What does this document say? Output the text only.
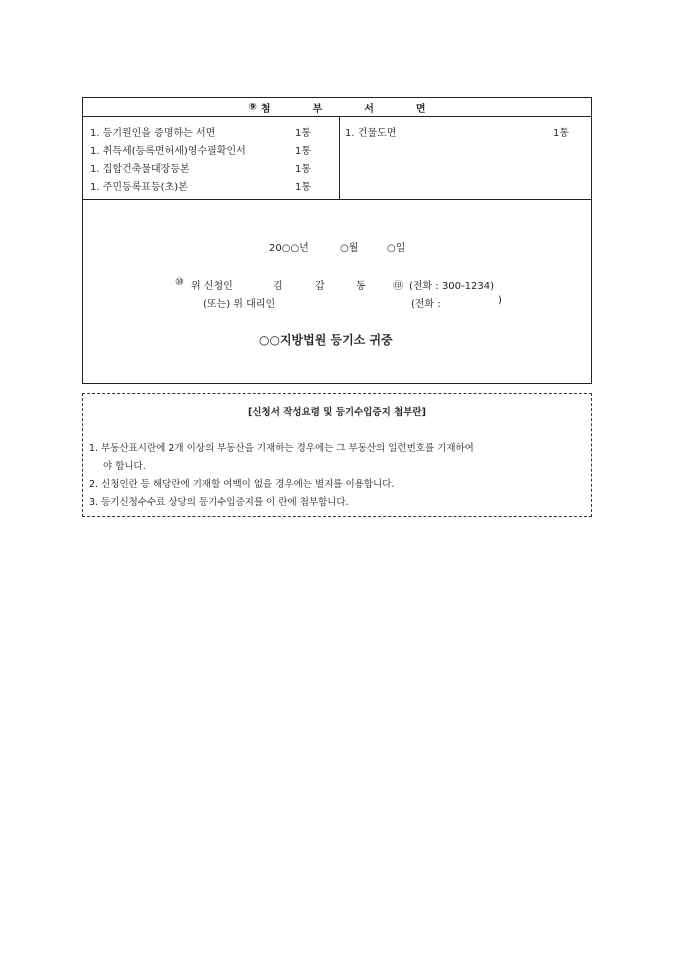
⑨ 첨	부	서	면
1. 등기원인을 증명하는 서면	1통
1. 취득세(등록면허세)영수필확인서	1통
1. 집합건축물대장등본	1통
1. 주민등록표등(초)본	1통
1. 건물도면	1통
20○○년	○월	○일
⑩ 위 신청인	김	갑	동	㊞ (전화 : 300-1234)
(또는) 위 대리인	(전화 :	)
○○지방법원 등기소 귀중
[신청서 작성요령 및 등기수입증지 첩부란]
1. 부동산표시란에 2개 이상의 부동산을 기재하는 경우에는 그 부동산의 일련번호를 기재하여
야 합니다.
2. 신청인란 등 해당란에 기재할 여백이 없을 경우에는 별지를 이용합니다.
3. 등기신청수수료 상당의 등기수입증지를 이 란에 첩부합니다.
